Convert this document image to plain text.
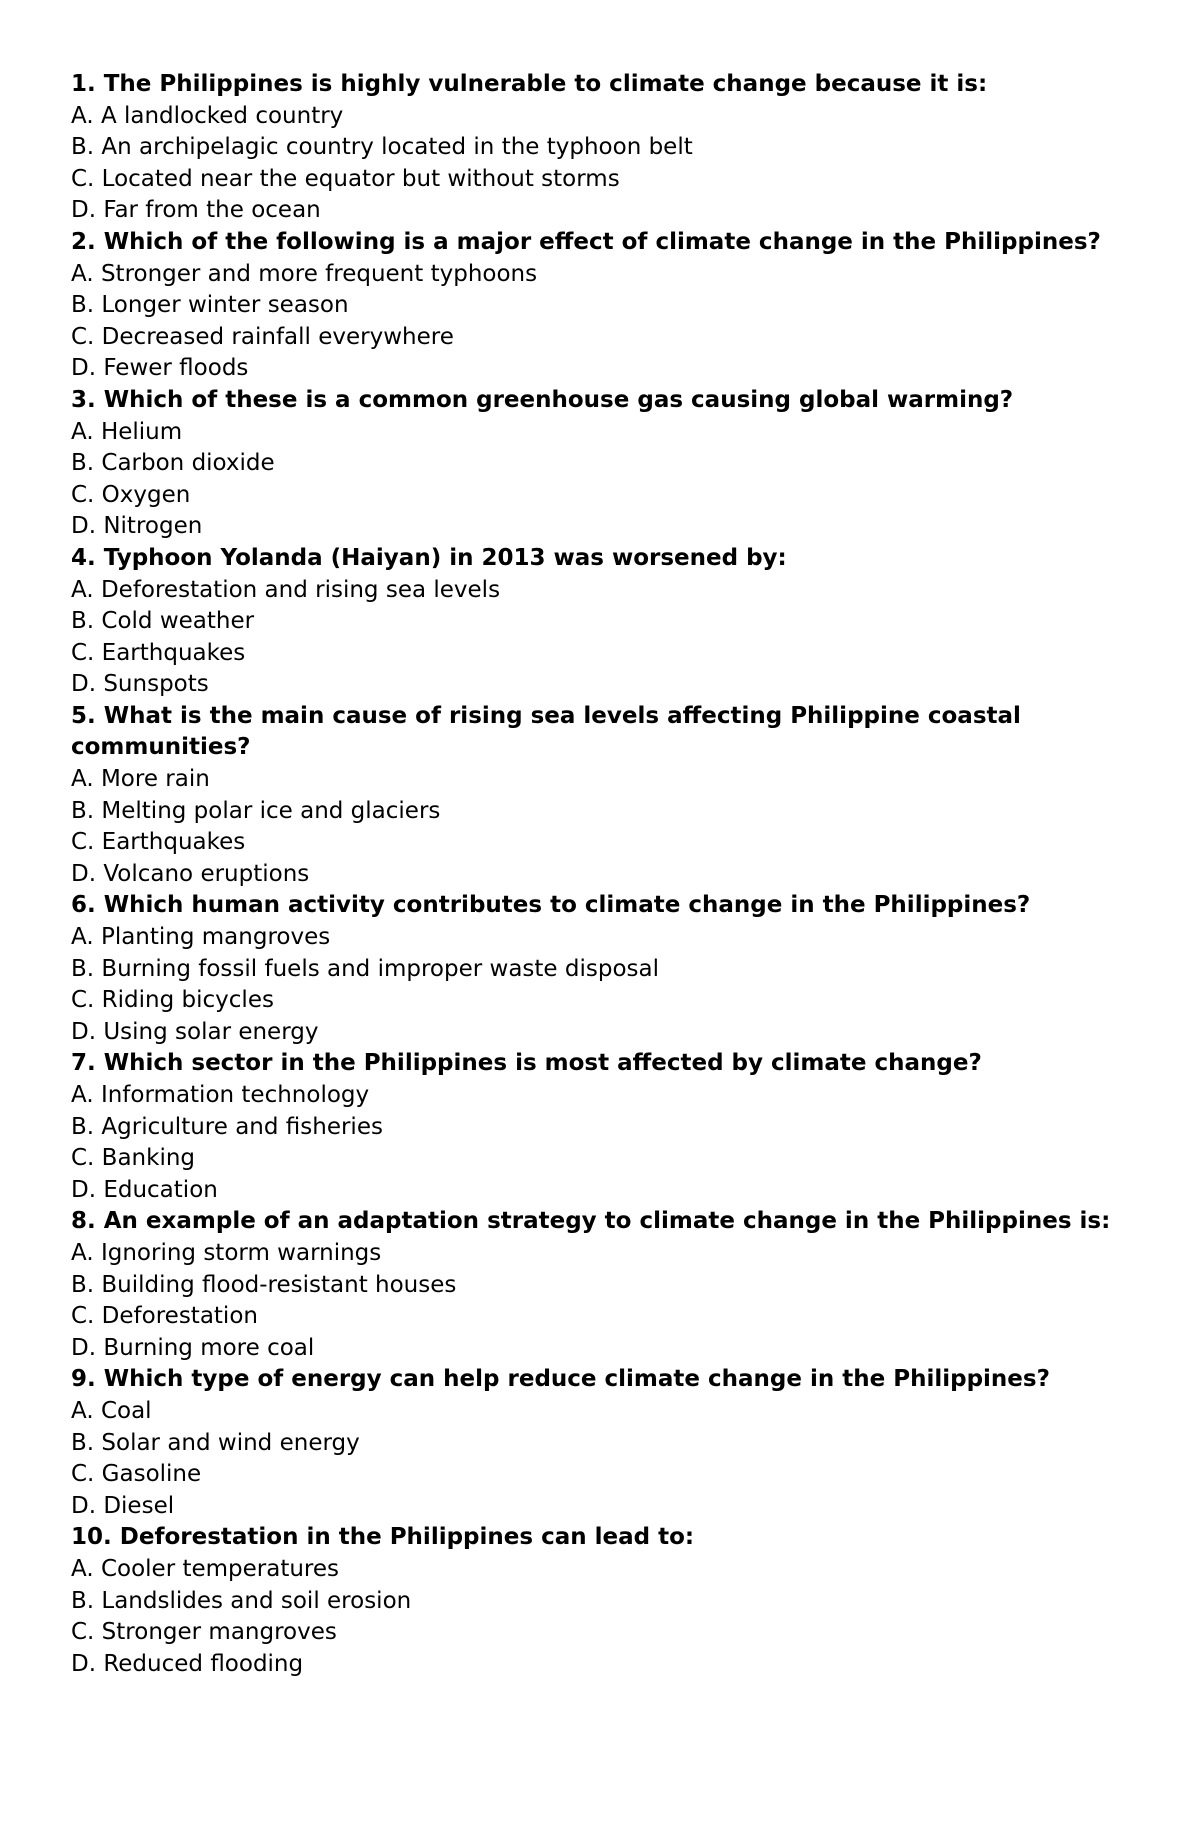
1. The Philippines is highly vulnerable to climate change because it is:

A. A landlocked country

B. An archipelagic country located in the typhoon belt

C. Located near the equator but without storms

D. Far from the ocean

2. Which of the following is a major effect of climate change in the Philippines?

A. Stronger and more frequent typhoons

B. Longer winter season

C. Decreased rainfall everywhere

D. Fewer floods

3. Which of these is a common greenhouse gas causing global warming?

A. Helium

B. Carbon dioxide

C. Oxygen

D. Nitrogen

4. Typhoon Yolanda (Haiyan) in 2013 was worsened by:

A. Deforestation and rising sea levels

B. Cold weather

C. Earthquakes

D. Sunspots

5. What is the main cause of rising sea levels affecting Philippine coastal communities?

A. More rain

B. Melting polar ice and glaciers

C. Earthquakes

D. Volcano eruptions

6. Which human activity contributes to climate change in the Philippines?

A. Planting mangroves

B. Burning fossil fuels and improper waste disposal

C. Riding bicycles

D. Using solar energy

7. Which sector in the Philippines is most affected by climate change?

A. Information technology

B. Agriculture and fisheries

C. Banking

D. Education

8. An example of an adaptation strategy to climate change in the Philippines is:

A. Ignoring storm warnings

B. Building flood-resistant houses

C. Deforestation

D. Burning more coal

9. Which type of energy can help reduce climate change in the Philippines?

A. Coal

B. Solar and wind energy

C. Gasoline

D. Diesel

10. Deforestation in the Philippines can lead to:

A. Cooler temperatures

B. Landslides and soil erosion

C. Stronger mangroves

D. Reduced flooding
